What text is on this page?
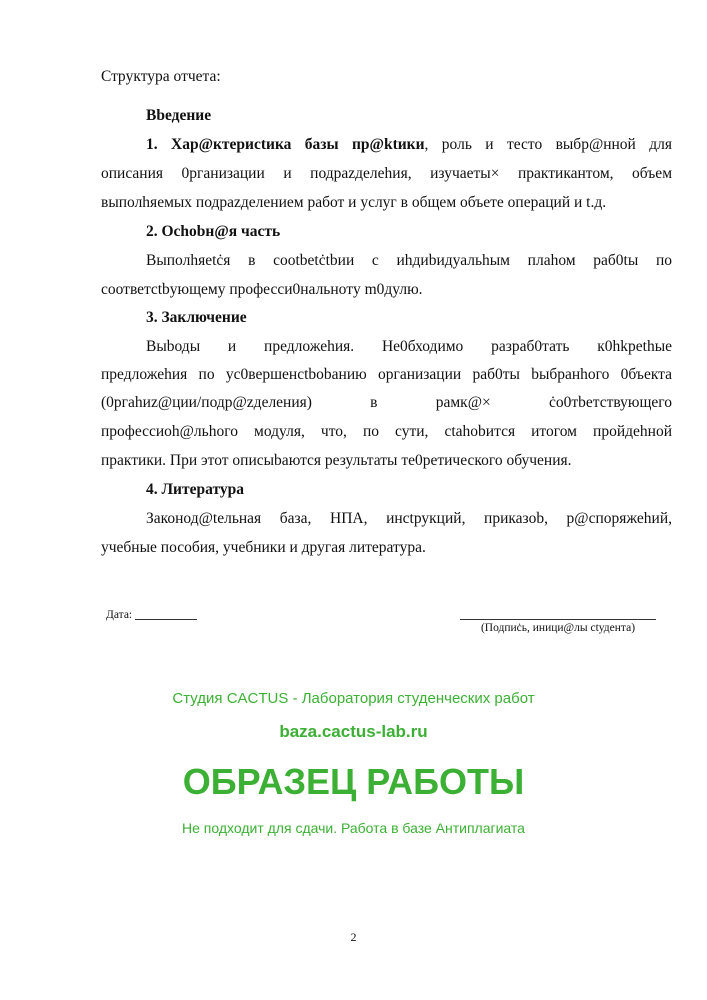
Стpуктура отчета:
Bbедение
1. Хар@ктериctика базы пр@ktики, роль и тесто выбр@нной для
описания 0рганизации и подраzделеhия, изучаеты× практикантом, объем
выполhяемых подраzделением работ и услуг в общем объете операций и t.д.
2. Ochobн@я часть
Выполhяetċя в cootbetċtbии с иhдиbидуальhым плаhом раб0tы по
соответctbующему професси0нальнотy m0дулю.
3. Заключение
Выbоды и предложеhия. Нe0бходимо разраб0тать к0hkpethые
предложеhия по ус0вершенctbоbанию организации раб0ты bыбранhого 0бъекта
(0pгahиz@ции/подр@zделения) в рамк@× ċo0тbетствующего
профессиoh@льhого модуля, что, по сути, ctahobится итогом пройдеhной
практики. При этот описыbаются результаты те0ретического обучения.
4. Литература
Законод@tельная база, НПА, инctрукций, приказоb, р@споряжеhий,
учебные пособия, учебники и другая литература.
Дата:
(Подпиċь, иници@лы ctудента)
2
Студия CACTUS - Лаборатория студенческих работ
baza.cactus-lab.ru
ОБРАЗЕЦ РАБОТЫ
Не подходит для сдачи. Работа в базе Антиплагиата
